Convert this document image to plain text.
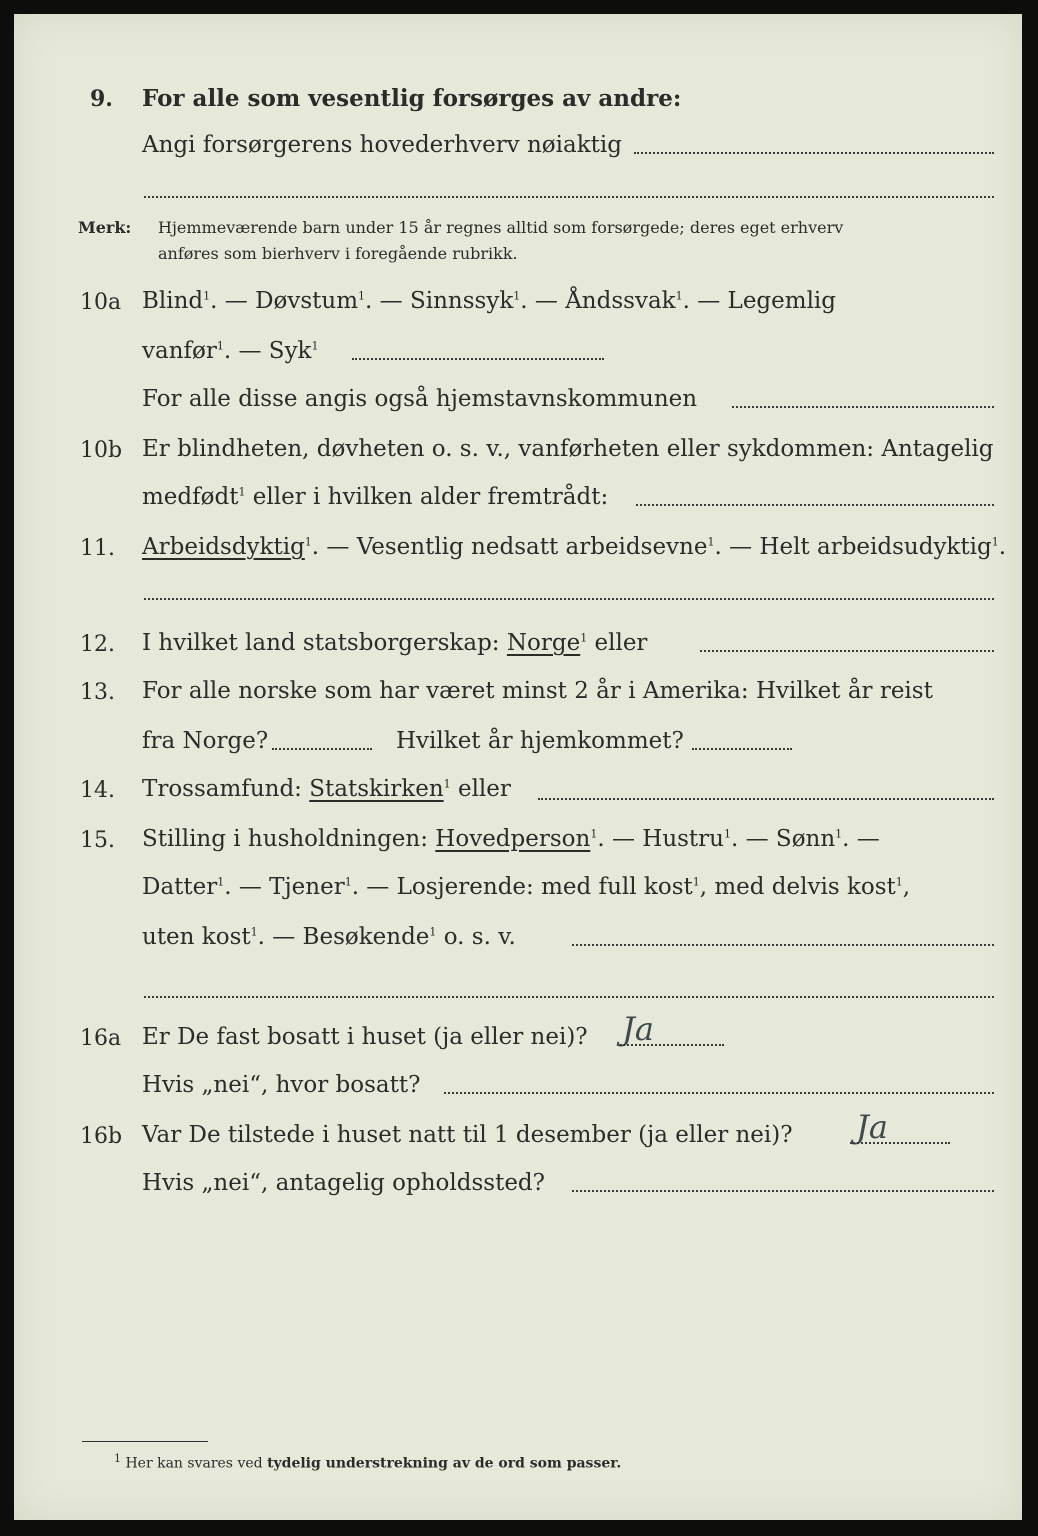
9. For alle som vesentlig forsørges av andre:
Angi forsørgerens hovederhverv nøiaktig
Merk: Hjemmeværende barn under 15 år regnes alltid som forsørgede; deres eget erhverv
anføres som bierhverv i foregående rubrikk.
10a Blind$^1$. — Døvstum$^1$. — Sinnssyk$^1$. — Åndssvak$^1$. — Legemlig
vanfør$^1$. — Syk$^1$
For alle disse angis også hjemstavnskommunen
10b Er blindheten, døvheten o. s. v., vanførheten eller sykdommen: Antagelig
medfødt$^1$ eller i hvilken alder fremtrådt:
11. Arbeidsdyktig$^1$. — Vesentlig nedsatt arbeidsevne$^1$. — Helt arbeidsudyktig$^1$.
12. I hvilket land statsborgerskap: Norge$^1$ eller
13. For alle norske som har været minst 2 år i Amerika: Hvilket år reist
fra Norge?	Hvilket år hjemkommet?
14. Trossamfund: Statskirken$^1$ eller
15. Stilling i husholdningen: Hovedperson$^1$. — Hustru$^1$. — Sønn$^1$. —
Datter$^1$. — Tjener$^1$. — Losjerende: med full kost$^1$, med delvis kost$^1$,
uten kost$^1$. — Besøkende$^1$ o. s. v.
16a Er De fast bosatt i huset (ja eller nei)? Ja
Hvis „nei“, hvor bosatt?
16b Var De tilstede i huset natt til 1 desember (ja eller nei)? Ja
Hvis „nei“, antagelig opholdssted?
$^1$ Her kan svares ved tydelig understrekning av de ord som passer.
